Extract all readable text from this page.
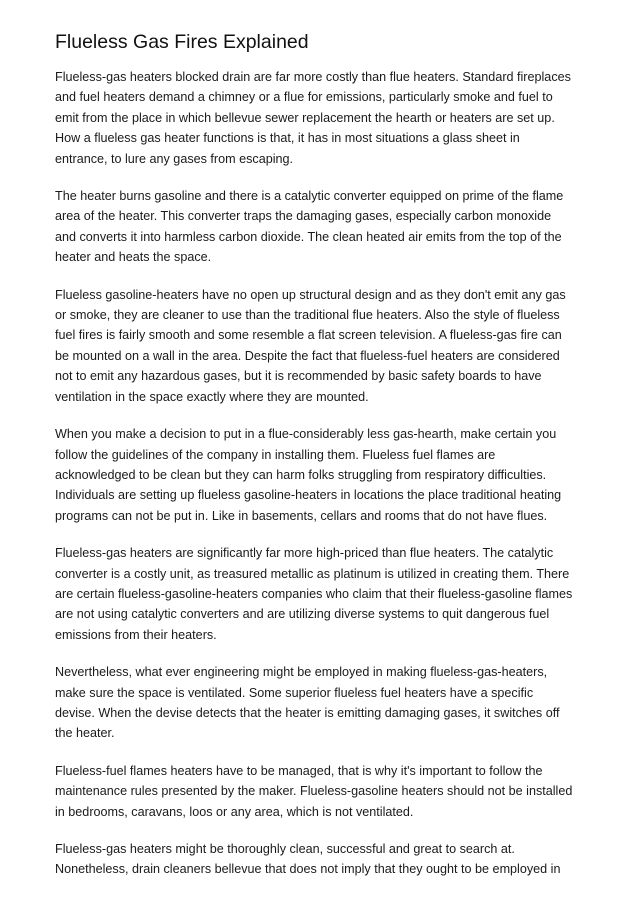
Flueless Gas Fires Explained

Flueless-gas heaters blocked drain are far more costly than flue heaters. Standard fireplaces
and fuel heaters demand a chimney or a flue for emissions, particularly smoke and fuel to
emit from the place in which bellevue sewer replacement the hearth or heaters are set up.
How a flueless gas heater functions is that, it has in most situations a glass sheet in
entrance, to lure any gases from escaping.

The heater burns gasoline and there is a catalytic converter equipped on prime of the flame
area of the heater. This converter traps the damaging gases, especially carbon monoxide
and converts it into harmless carbon dioxide. The clean heated air emits from the top of the
heater and heats the space.

Flueless gasoline-heaters have no open up structural design and as they don't emit any gas
or smoke, they are cleaner to use than the traditional flue heaters. Also the style of flueless
fuel fires is fairly smooth and some resemble a flat screen television. A flueless-gas fire can
be mounted on a wall in the area. Despite the fact that flueless-fuel heaters are considered
not to emit any hazardous gases, but it is recommended by basic safety boards to have
ventilation in the space exactly where they are mounted.

When you make a decision to put in a flue-considerably less gas-hearth, make certain you
follow the guidelines of the company in installing them. Flueless fuel flames are
acknowledged to be clean but they can harm folks struggling from respiratory difficulties.
Individuals are setting up flueless gasoline-heaters in locations the place traditional heating
programs can not be put in. Like in basements, cellars and rooms that do not have flues.

Flueless-gas heaters are significantly far more high-priced than flue heaters. The catalytic
converter is a costly unit, as treasured metallic as platinum is utilized in creating them. There
are certain flueless-gasoline-heaters companies who claim that their flueless-gasoline flames
are not using catalytic converters and are utilizing diverse systems to quit dangerous fuel
emissions from their heaters.

Nevertheless, what ever engineering might be employed in making flueless-gas-heaters,
make sure the space is ventilated. Some superior flueless fuel heaters have a specific
devise. When the devise detects that the heater is emitting damaging gases, it switches off
the heater.

Flueless-fuel flames heaters have to be managed, that is why it's important to follow the
maintenance rules presented by the maker. Flueless-gasoline heaters should not be installed
in bedrooms, caravans, loos or any area, which is not ventilated.

Flueless-gas heaters might be thoroughly clean, successful and great to search at.
Nonetheless, drain cleaners bellevue that does not imply that they ought to be employed in
